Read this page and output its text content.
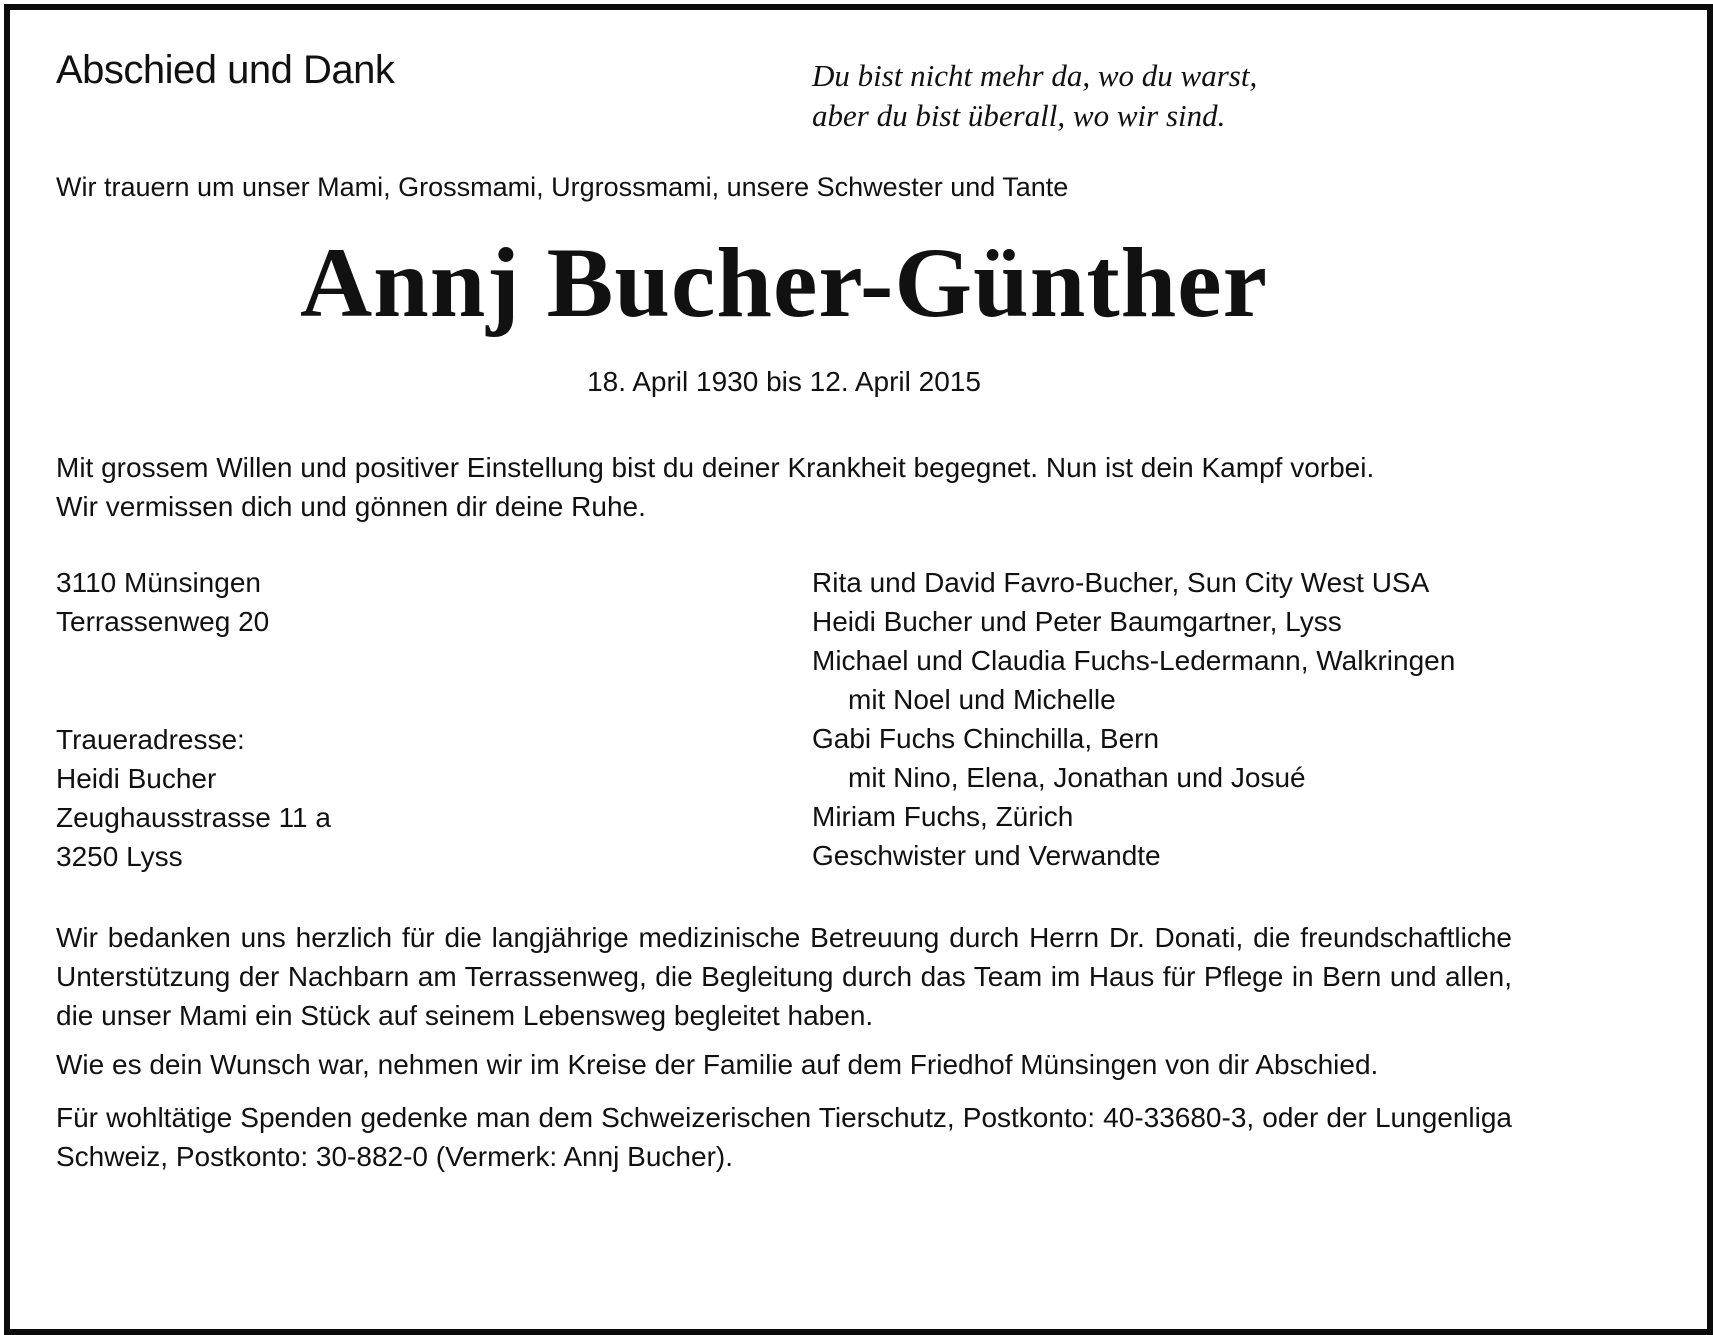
Abschied und Dank	Du bist nicht mehr da, wo du warst,
aber du bist überall, wo wir sind.

Wir trauern um unser Mami, Grossmami, Urgrossmami, unsere Schwester und Tante

Annj Bucher-Günther

18. April 1930 bis 12. April 2015

Mit grossem Willen und positiver Einstellung bist du deiner Krankheit begegnet. Nun ist dein Kampf vorbei.
Wir vermissen dich und gönnen dir deine Ruhe.
3110 Münsingen
Terrassenweg 20
Traueradresse:
Heidi Bucher
Zeughausstrasse 11 a
3250 Lyss
Rita und David Favro-Bucher, Sun City West USA
Heidi Bucher und Peter Baumgartner, Lyss
Michael und Claudia Fuchs-Ledermann, Walkringen
mit Noel und Michelle
Gabi Fuchs Chinchilla, Bern
mit Nino, Elena, Jonathan und Josué
Miriam Fuchs, Zürich
Geschwister und Verwandte

Wir bedanken uns herzlich für die langjährige medizinische Betreuung durch Herrn Dr. Donati, die freundschaftliche Unterstützung der Nachbarn am Terrassenweg, die Begleitung durch das Team im Haus für Pflege in Bern und allen, die unser Mami ein Stück auf seinem Lebensweg begleitet haben.

Wie es dein Wunsch war, nehmen wir im Kreise der Familie auf dem Friedhof Münsingen von dir Abschied.

Für wohltätige Spenden gedenke man dem Schweizerischen Tierschutz, Postkonto: 40-33680-3, oder der Lungenliga Schweiz, Postkonto: 30-882-0 (Vermerk: Annj Bucher).
